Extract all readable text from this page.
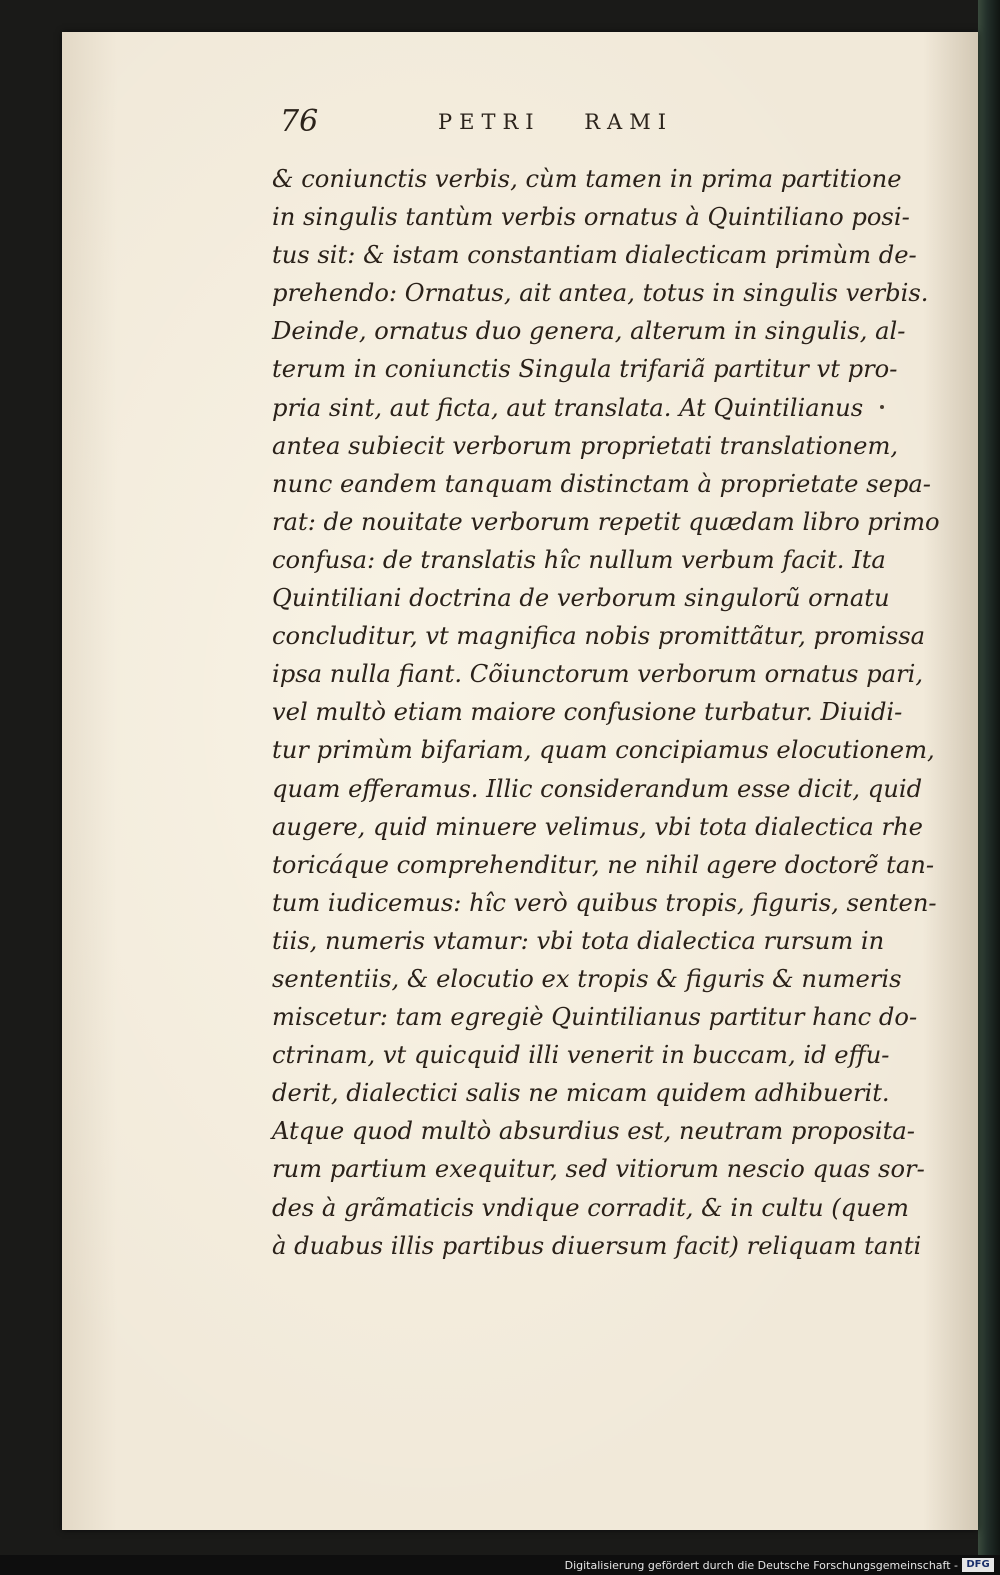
76	PETRI RAMI
& coniunctis verbis, cùm tamen in prima partitione
in singulis tantùm verbis ornatus à Quintiliano posi-
tus sit: & istam constantiam dialecticam primùm de-
prehendo: Ornatus, ait antea, totus in singulis verbis.
Deinde, ornatus duo genera, alterum in singulis, al-
terum in coniunctis Singula trifariã partitur vt pro-
pria sint, aut ficta, aut translata. At Quintilianus
antea subiecit verborum proprietati translationem,
nunc eandem tanquam distinctam à proprietate sepa-
rat: de nouitate verborum repetit quædam libro primo
confusa: de translatis hîc nullum verbum facit. Ita
Quintiliani doctrina de verborum singulorũ ornatu
concluditur, vt magnifica nobis promittãtur, promissa
ipsa nulla fiant. Cõiunctorum verborum ornatus pari,
vel multò etiam maiore confusione turbatur. Diuidi-
tur primùm bifariam, quam concipiamus elocutionem,
quam efferamus. Illic considerandum esse dicit, quid
augere, quid minuere velimus, vbi tota dialectica rhe
toricáque comprehenditur, ne nihil agere doctorẽ tan-
tum iudicemus: hîc verò quibus tropis, figuris, senten-
tiis, numeris vtamur: vbi tota dialectica rursum in
sententiis, & elocutio ex tropis & figuris & numeris
miscetur: tam egregiè Quintilianus partitur hanc do-
ctrinam, vt quicquid illi venerit in buccam, id effu-
derit, dialectici salis ne micam quidem adhibuerit.
Atque quod multò absurdius est, neutram proposita-
rum partium exequitur, sed vitiorum nescio quas sor-
des à grãmaticis vndique corradit, & in cultu (quem
à duabus illis partibus diuersum facit) reliquam tanti
Digitalisierung gefördert durch die Deutsche Forschungsgemeinschaft - DFG
